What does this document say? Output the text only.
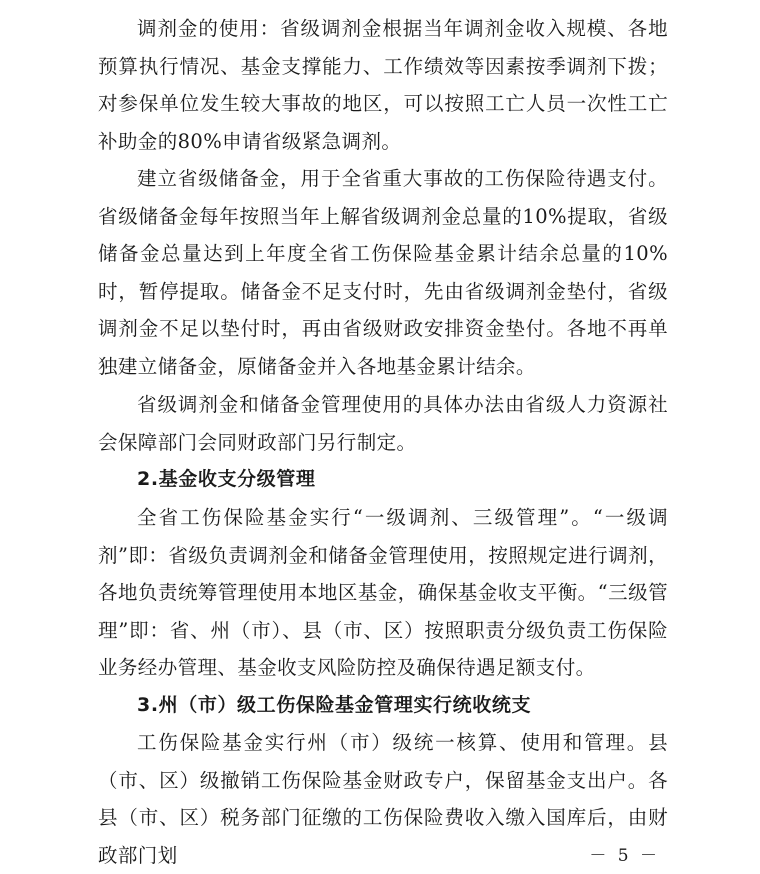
调剂金的使用：省级调剂金根据当年调剂金收入规模、各地预算执行情况、基金支撑能力、工作绩效等因素按季调剂下拨；对参保单位发生较大事故的地区，可以按照工亡人员一次性工亡补助金的80%申请省级紧急调剂。

建立省级储备金，用于全省重大事故的工伤保险待遇支付。省级储备金每年按照当年上解省级调剂金总量的10%提取，省级储备金总量达到上年度全省工伤保险基金累计结余总量的10%时，暂停提取。储备金不足支付时，先由省级调剂金垫付，省级调剂金不足以垫付时，再由省级财政安排资金垫付。各地不再单独建立储备金，原储备金并入各地基金累计结余。

省级调剂金和储备金管理使用的具体办法由省级人力资源社会保障部门会同财政部门另行制定。

2.基金收支分级管理

全省工伤保险基金实行“一级调剂、三级管理”。“一级调剂”即：省级负责调剂金和储备金管理使用，按照规定进行调剂，各地负责统筹管理使用本地区基金，确保基金收支平衡。“三级管理”即：省、州（市）、县（市、区）按照职责分级负责工伤保险业务经办管理、基金收支风险防控及确保待遇足额支付。

3.州（市）级工伤保险基金管理实行统收统支

工伤保险基金实行州（市）级统一核算、使用和管理。县（市、区）级撤销工伤保险基金财政专户，保留基金支出户。各县（市、区）税务部门征缴的工伤保险费收入缴入国库后，由财政部门划	－ 5 －
